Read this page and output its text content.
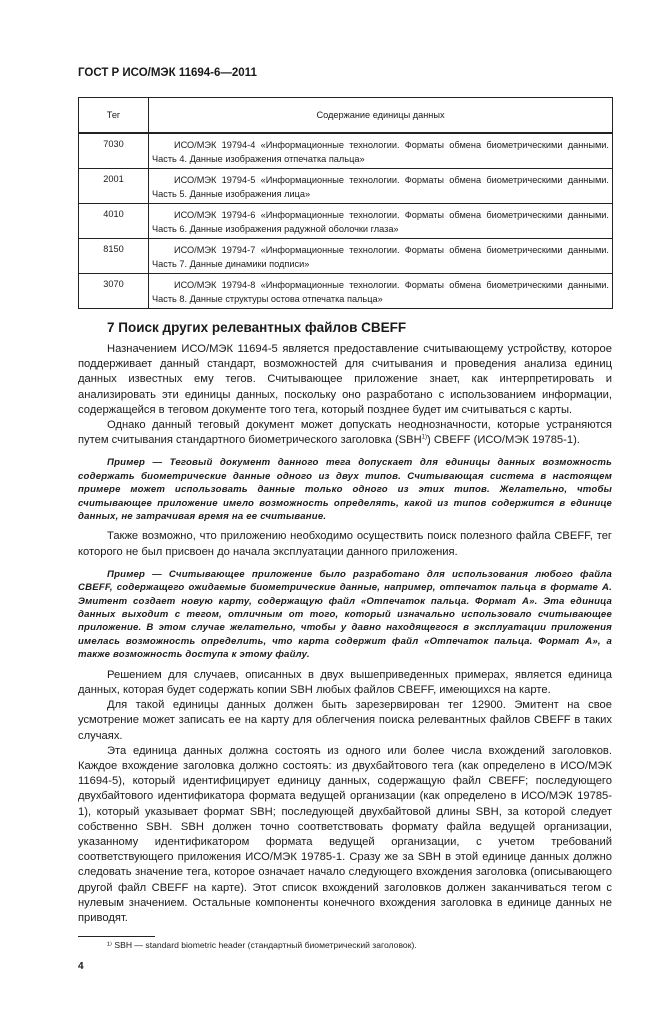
ГОСТ Р ИСО/МЭК 11694-6—2011
Тег	Содержание единицы данных
7030	ИСО/МЭК 19794-4 «Информационные технологии. Форматы обмена биометрическими данными. Часть 4. Данные изображения отпечатка пальца»
2001	ИСО/МЭК 19794-5 «Информационные технологии. Форматы обмена биометрическими данными. Часть 5. Данные изображения лица»
4010	ИСО/МЭК 19794-6 «Информационные технологии. Форматы обмена биометрическими данными. Часть 6. Данные изображения радужной оболочки глаза»
8150	ИСО/МЭК 19794-7 «Информационные технологии. Форматы обмена биометрическими данными. Часть 7. Данные динамики подписи»
3070	ИСО/МЭК 19794-8 «Информационные технологии. Форматы обмена биометрическими данными. Часть 8. Данные структуры остова отпечатка пальца»
7 Поиск других релевантных файлов CBEFF

Назначением ИСО/МЭК 11694-5 является предоставление считывающему устройству, которое поддерживает данный стандарт, возможностей для считывания и проведения анализа единиц данных известных ему тегов. Считывающее приложение знает, как интерпретировать и анализировать эти единицы данных, поскольку оно разработано с использованием информации, содержащейся в теговом документе того тега, который позднее будет им считываться с карты.

Однако данный теговый документ может допускать неоднозначности, которые устраняются путем считывания стандартного биометрического заголовка (SBH$^{1)}$) CBEFF (ИСО/МЭК 19785-1).

Пример — Теговый документ данного тега допускает для единицы данных возможность содержать биометрические данные одного из двух типов. Считывающая система в настоящем примере может использовать данные только одного из этих типов. Желательно, чтобы считывающее приложение имело возможность определять, какой из типов содержится в единице данных, не затрачивая время на ее считывание.

Также возможно, что приложению необходимо осуществить поиск полезного файла CBEFF, тег которого не был присвоен до начала эксплуатации данного приложения.

Пример — Считывающее приложение было разработано для использования любого файла CBEFF, содержащего ожидаемые биометрические данные, например, отпечаток пальца в формате А. Эмитент создает новую карту, содержащую файл «Отпечаток пальца. Формат А». Эта единица данных выходит с тегом, отличным от того, который изначально использовало считывающее приложение. В этом случае желательно, чтобы у давно находящегося в эксплуатации приложения имелась возможность определить, что карта содержит файл «Отпечаток пальца. Формат А», а также возможность доступа к этому файлу.

Решением для случаев, описанных в двух вышеприведенных примерах, является единица данных, которая будет содержать копии SBH любых файлов CBEFF, имеющихся на карте.

Для такой единицы данных должен быть зарезервирован тег 12900. Эмитент на свое усмотрение может записать ее на карту для облегчения поиска релевантных файлов CBEFF в таких случаях.

Эта единица данных должна состоять из одного или более числа вхождений заголовков. Каждое вхождение заголовка должно состоять: из двухбайтового тега (как определено в ИСО/МЭК 11694-5), который идентифицирует единицу данных, содержащую файл CBEFF; последующего двухбайтового идентификатора формата ведущей организации (как определено в ИСО/МЭК 19785-1), который указывает формат SBH; последующей двухбайтовой длины SBH, за которой следует собственно SBH. SBH должен точно соответствовать формату файла ведущей организации, указанному идентификатором формата ведущей организации, с учетом требований соответствующего приложения ИСО/МЭК 19785-1. Сразу же за SBH в этой единице данных должно следовать значение тега, которое означает начало следующего вхождения заголовка (описывающего другой файл CBEFF на карте). Этот список вхождений заголовков должен заканчиваться тегом с нулевым значением. Остальные компоненты конечного вхождения заголовка в единице данных не приводят.

¹⁾ SBH — standard biometric header (стандартный биометрический заголовок).
4
